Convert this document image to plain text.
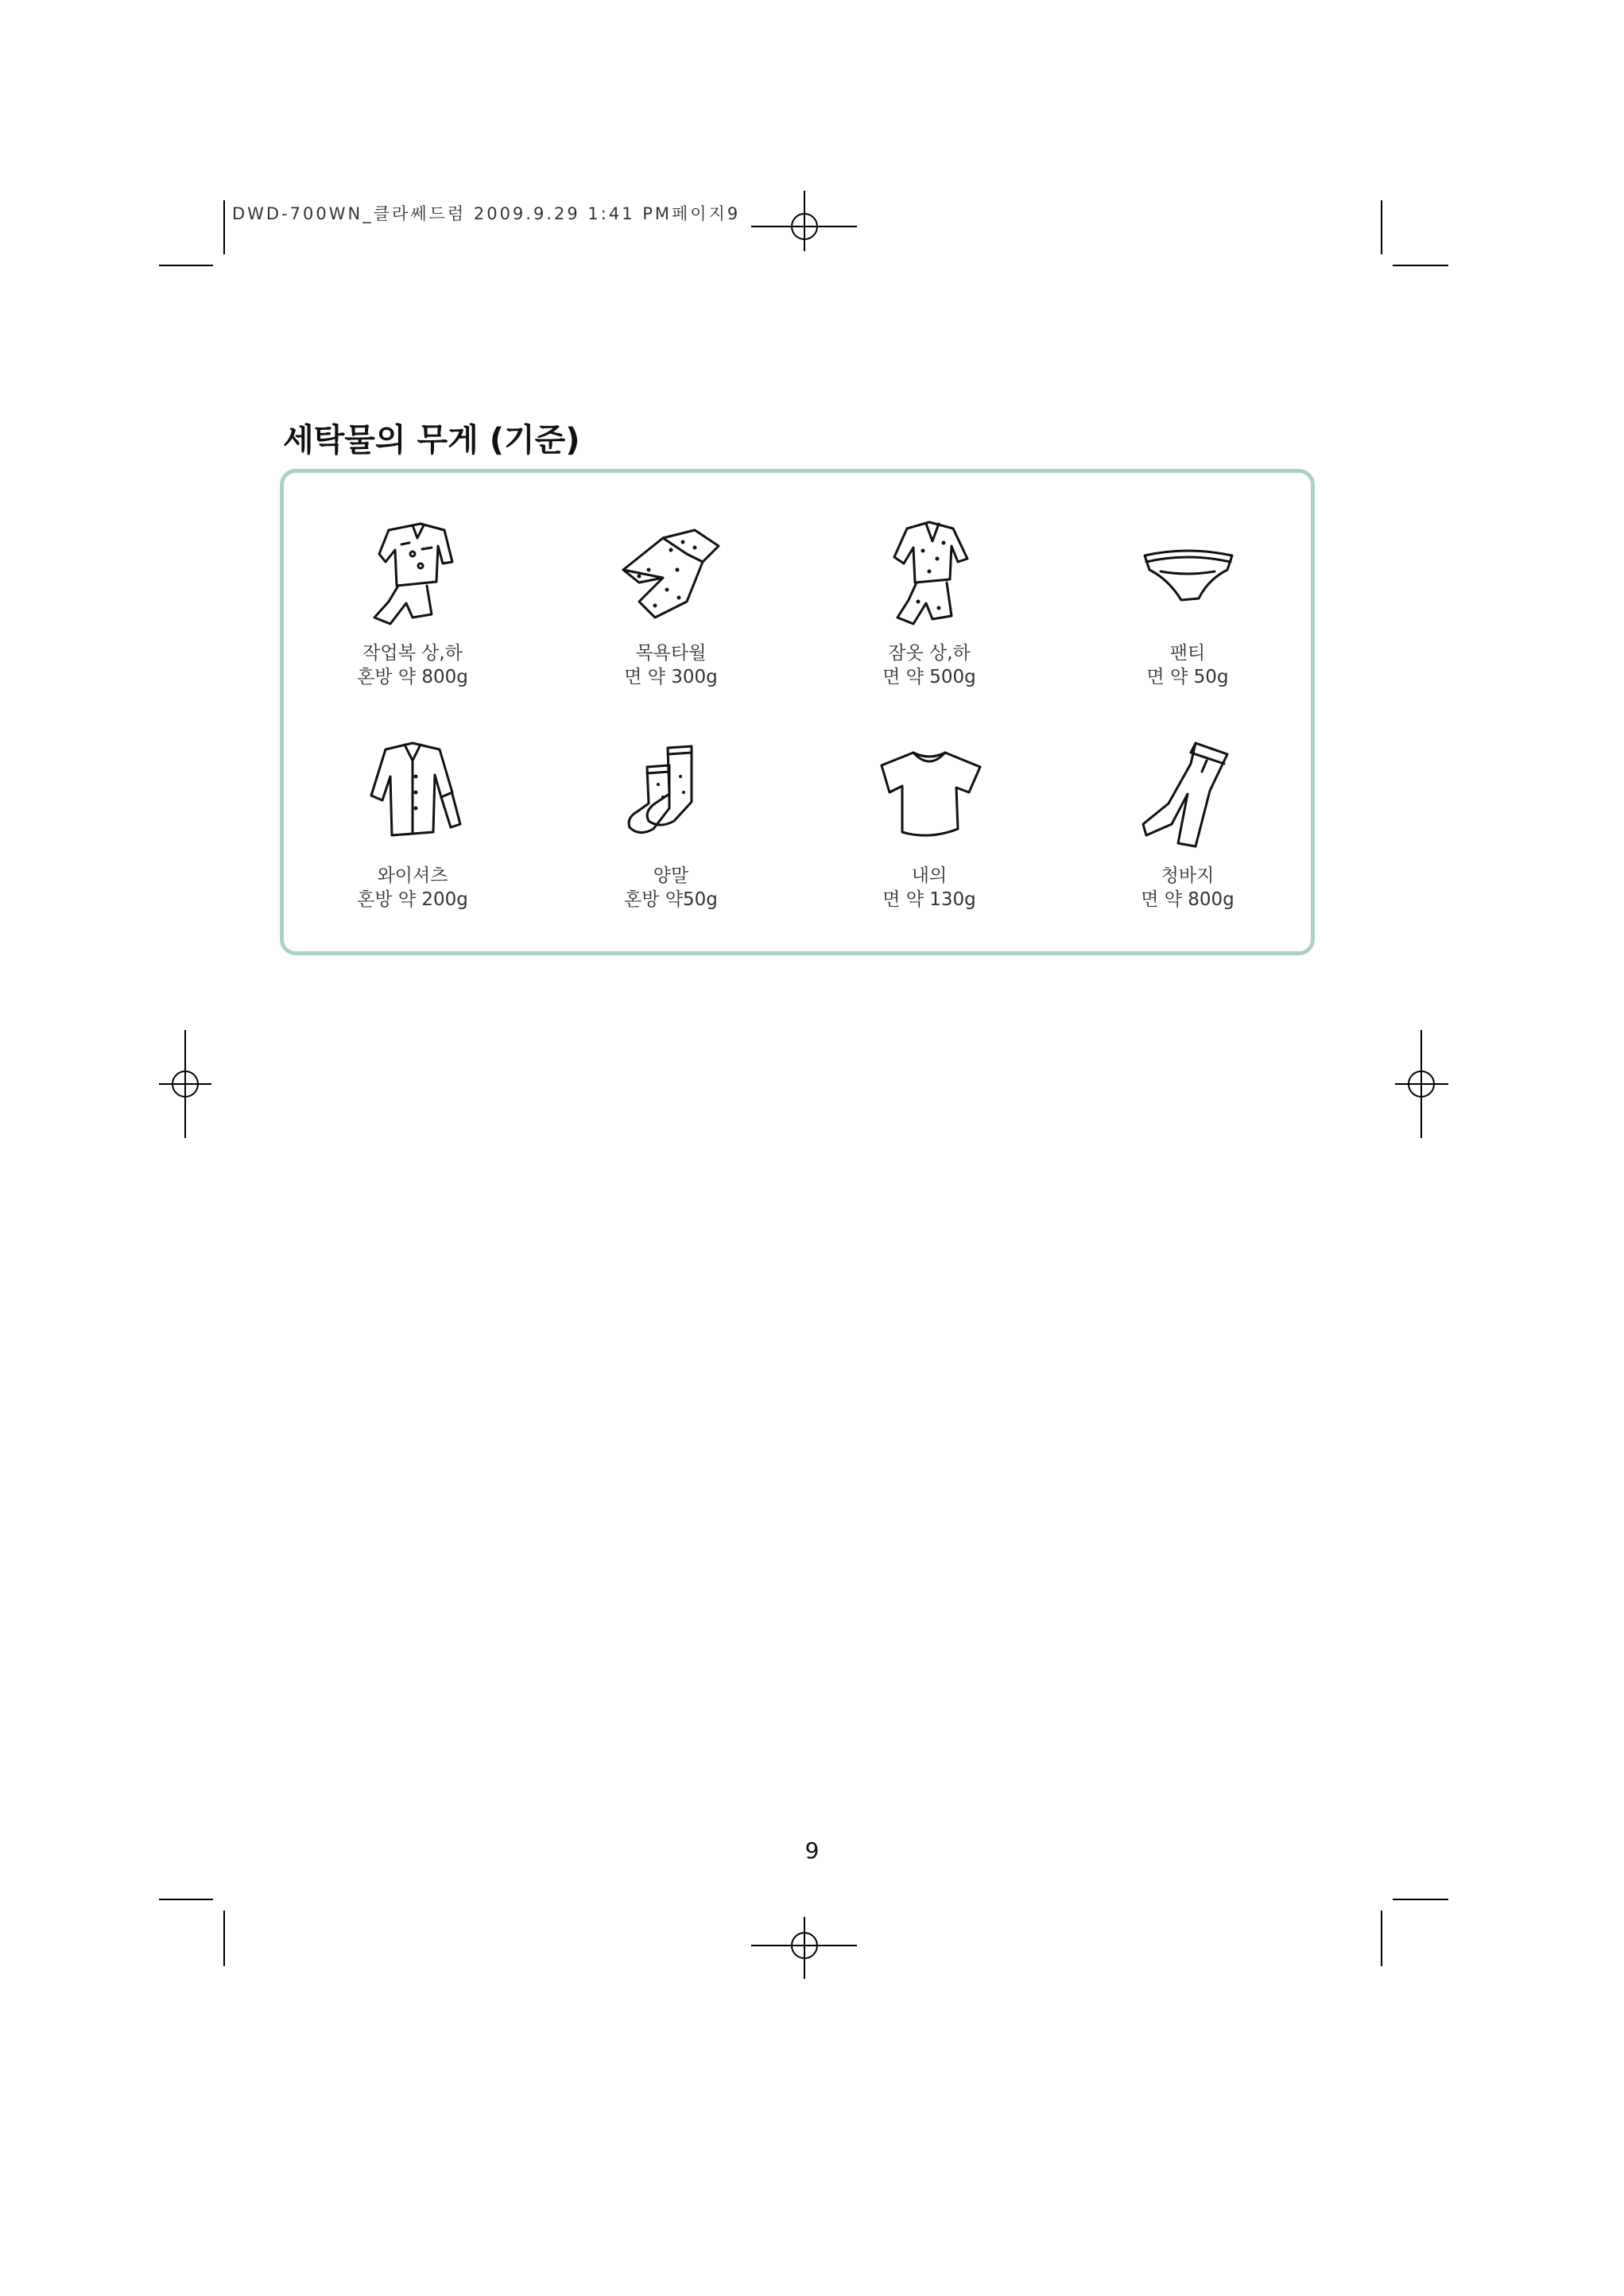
DWD-700WN_클라쎄드럼 2009.9.29 1:41 PM페이지9
세탁물의 무게 (기준)
작업복 상,하
혼방 약 800g
목욕타월
면 약 300g
잠옷 상,하
면 약 500g
팬티
면 약 50g
와이셔츠
혼방 약 200g
양말
혼방 약50g
내의
면 약 130g
청바지
면 약 800g
9
